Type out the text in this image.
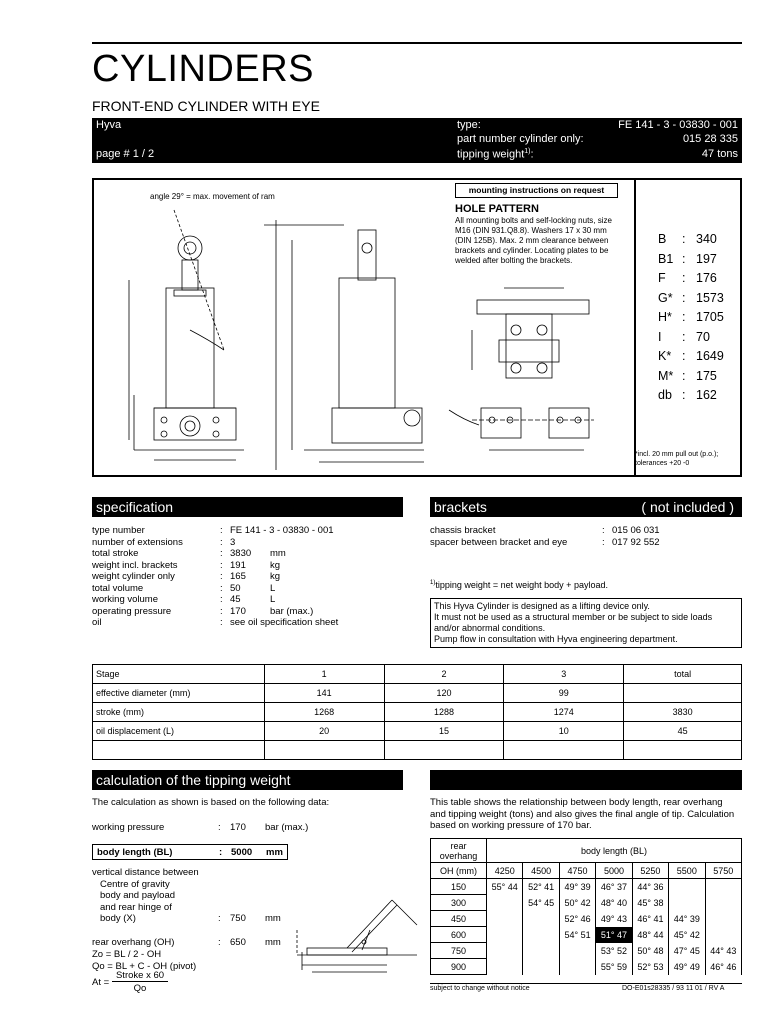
CYLINDERS
FRONT-END CYLINDER WITH EYE
Hyva
page # 1 / 2
type:	FE 141 - 3 - 03830 - 001
part number cylinder only:	015 28 335
tipping weight$^{1)}$:	47 tons
B	: 340
B1 : 197
F	: 176
G* : 1573
H* : 1705
I	: 70
K* : 1649
M* : 175
db : 162
angle 29° = max. movement of ram
mounting instructions on request
HOLE PATTERN
All mounting bolts and self-locking nuts, size M16 (DIN 931.Q8.8). Washers 17 x 30 mm (DIN 125B). Max. 2 mm clearance between brackets and cylinder. Locating plates to be welded after bolting the brackets.
*incl. 20 mm pull out (p.o.); tolerances +20 -0
specification	brackets	( not included )
type number	: FE 141 - 3 - 03830 - 001
number of extensions	: 3
total stroke	: 3830	mm
weight incl. brackets	: 191	kg
weight cylinder only	: 165	kg
total volume	: 50	L
working volume	: 45	L
operating pressure	: 170	bar (max.)
oil	: see oil specification sheet
chassis bracket	: 015 06 031
spacer between bracket and eye	: 017 92 552
$^{1)}$tipping weight = net weight body + payload.
This Hyva Cylinder is designed as a lifting device only.
It must not be used as a structural member or be subject to side loads and/or abnormal conditions.
Pump flow in consultation with Hyva engineering department.
Stage	1	2	3	total
effective diameter (mm)	141	120	99	
stroke (mm)	1268	1288	1274	3830
oil displacement (L)	20	15	10	45

calculation of the tipping weight
The calculation as shown is based on the following data:
working pressure	: 170 bar (max.)
body length (BL)	: 5000 mm
vertical distance between
Centre of gravity
body and payload
and rear hinge of
body (X)	: 750 mm
rear overhang (OH)	: 650 mm
Zo = BL / 2 - OH
Qo = BL + C - OH (pivot)
At =
Stroke x 60
Qo
This table shows the relationship between body length, rear overhang and tipping weight (tons) and also gives the final angle of tip. Calculation based on working pressure of 170 bar.
rear overhang	body length (BL)						
OH (mm)	4250	4500	4750	5000	5250	5500	5750
150	55° 44	52° 41	49° 39	46° 37	44° 36		
300		54° 45	50° 42	48° 40	45° 38		
450			52° 46	49° 43	46° 41	44° 39	
600			54° 51	51° 47	48° 44	45° 42	
750				53° 52	50° 48	47° 45	44° 43
900				55° 59	52° 53	49° 49	46° 46
subject to change without notice	DO-E01s28335 / 93 11 01 / RV A
